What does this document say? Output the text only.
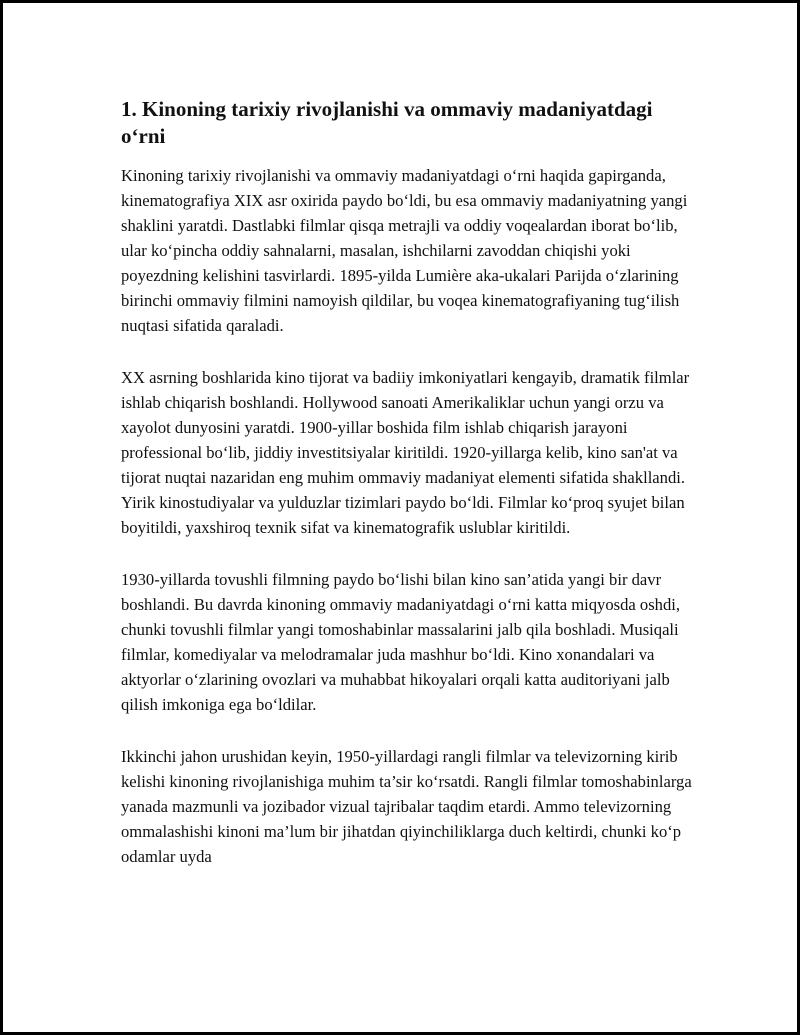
1. Kinoning tarixiy rivojlanishi va ommaviy madaniyatdagi o‘rni

Kinoning tarixiy rivojlanishi va ommaviy madaniyatdagi o‘rni haqida gapirganda, kinematografiya XIX asr oxirida paydo bo‘ldi, bu esa ommaviy madaniyatning yangi shaklini yaratdi. Dastlabki filmlar qisqa metrajli va oddiy voqealardan iborat bo‘lib, ular ko‘pincha oddiy sahnalarni, masalan, ishchilarni zavoddan chiqishi yoki poyezdning kelishini tasvirlardi. 1895-yilda Lumière aka-ukalari Parijda o‘zlarining birinchi ommaviy filmini namoyish qildilar, bu voqea kinematografiyaning tug‘ilish nuqtasi sifatida qaraladi.

XX asrning boshlarida kino tijorat va badiiy imkoniyatlari kengayib, dramatik filmlar ishlab chiqarish boshlandi. Hollywood sanoati Amerikaliklar uchun yangi orzu va xayolot dunyosini yaratdi. 1900-yillar boshida film ishlab chiqarish jarayoni professional bo‘lib, jiddiy investitsiyalar kiritildi. 1920-yillarga kelib, kino san'at va tijorat nuqtai nazaridan eng muhim ommaviy madaniyat elementi sifatida shakllandi. Yirik kinostudiyalar va yulduzlar tizimlari paydo bo‘ldi. Filmlar ko‘proq syujet bilan boyitildi, yaxshiroq texnik sifat va kinematografik uslublar kiritildi.

1930-yillarda tovushli filmning paydo bo‘lishi bilan kino san’atida yangi bir davr boshlandi. Bu davrda kinoning ommaviy madaniyatdagi o‘rni katta miqyosda oshdi, chunki tovushli filmlar yangi tomoshabinlar massalarini jalb qila boshladi. Musiqali filmlar, komediyalar va melodramalar juda mashhur bo‘ldi. Kino xonandalari va aktyorlar o‘zlarining ovozlari va muhabbat hikoyalari orqali katta auditoriyani jalb qilish imkoniga ega bo‘ldilar.

Ikkinchi jahon urushidan keyin, 1950-yillardagi rangli filmlar va televizorning kirib kelishi kinoning rivojlanishiga muhim ta’sir ko‘rsatdi. Rangli filmlar tomoshabinlarga yanada mazmunli va jozibador vizual tajribalar taqdim etardi. Ammo televizorning ommalashishi kinoni ma’lum bir jihatdan qiyinchiliklarga duch keltirdi, chunki ko‘p odamlar uyda
